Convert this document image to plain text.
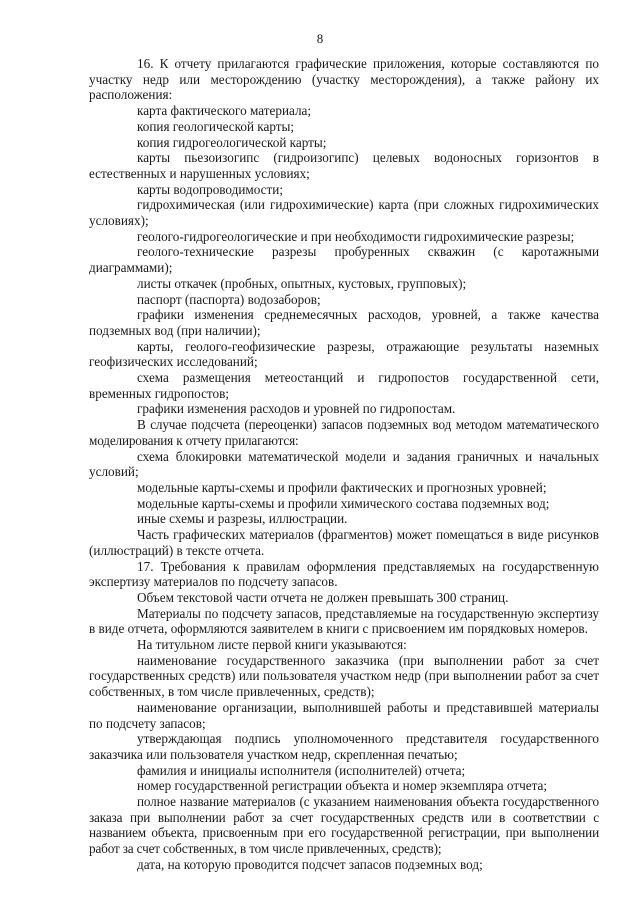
8

16. К отчету прилагаются графические приложения, которые составляются по участку недр или месторождению (участку месторождения), а также району их расположения:

карта фактического материала;

копия геологической карты;

копия гидрогеологической карты;

карты пьезоизогипс (гидроизогипс) целевых водоносных горизонтов в естественных и нарушенных условиях;

карты водопроводимости;

гидрохимическая (или гидрохимические) карта (при сложных гидрохимических условиях);

геолого-гидрогеологические и при необходимости гидрохимические разрезы;

геолого-технические разрезы пробуренных скважин (с каротажными диаграммами);

листы откачек (пробных, опытных, кустовых, групповых);

паспорт (паспорта) водозаборов;

графики изменения среднемесячных расходов, уровней, а также качества подземных вод (при наличии);

карты, геолого-геофизические разрезы, отражающие результаты наземных геофизических исследований;

схема размещения метеостанций и гидропостов государственной сети, временных гидропостов;

графики изменения расходов и уровней по гидропостам.

В случае подсчета (переоценки) запасов подземных вод методом математического моделирования к отчету прилагаются:

схема блокировки математической модели и задания граничных и начальных условий;

модельные карты-схемы и профили фактических и прогнозных уровней;

модельные карты-схемы и профили химического состава подземных вод;

иные схемы и разрезы, иллюстрации.

Часть графических материалов (фрагментов) может помещаться в виде рисунков (иллюстраций) в тексте отчета.

17. Требования к правилам оформления представляемых на государственную экспертизу материалов по подсчету запасов.

Объем текстовой части отчета не должен превышать 300 страниц.

Материалы по подсчету запасов, представляемые на государственную экспертизу в виде отчета, оформляются заявителем в книги с присвоением им порядковых номеров.

На титульном листе первой книги указываются:

наименование государственного заказчика (при выполнении работ за счет государственных средств) или пользователя участком недр (при выполнении работ за счет собственных, в том числе привлеченных, средств);

наименование организации, выполнившей работы и представившей материалы по подсчету запасов;

утверждающая подпись уполномоченного представителя государственного заказчика или пользователя участком недр, скрепленная печатью;

фамилия и инициалы исполнителя (исполнителей) отчета;

номер государственной регистрации объекта и номер экземпляра отчета;

полное название материалов (с указанием наименования объекта государственного заказа при выполнении работ за счет государственных средств или в соответствии с названием объекта, присвоенным при его государственной регистрации, при выполнении работ за счет собственных, в том числе привлеченных, средств);

дата, на которую проводится подсчет запасов подземных вод;
